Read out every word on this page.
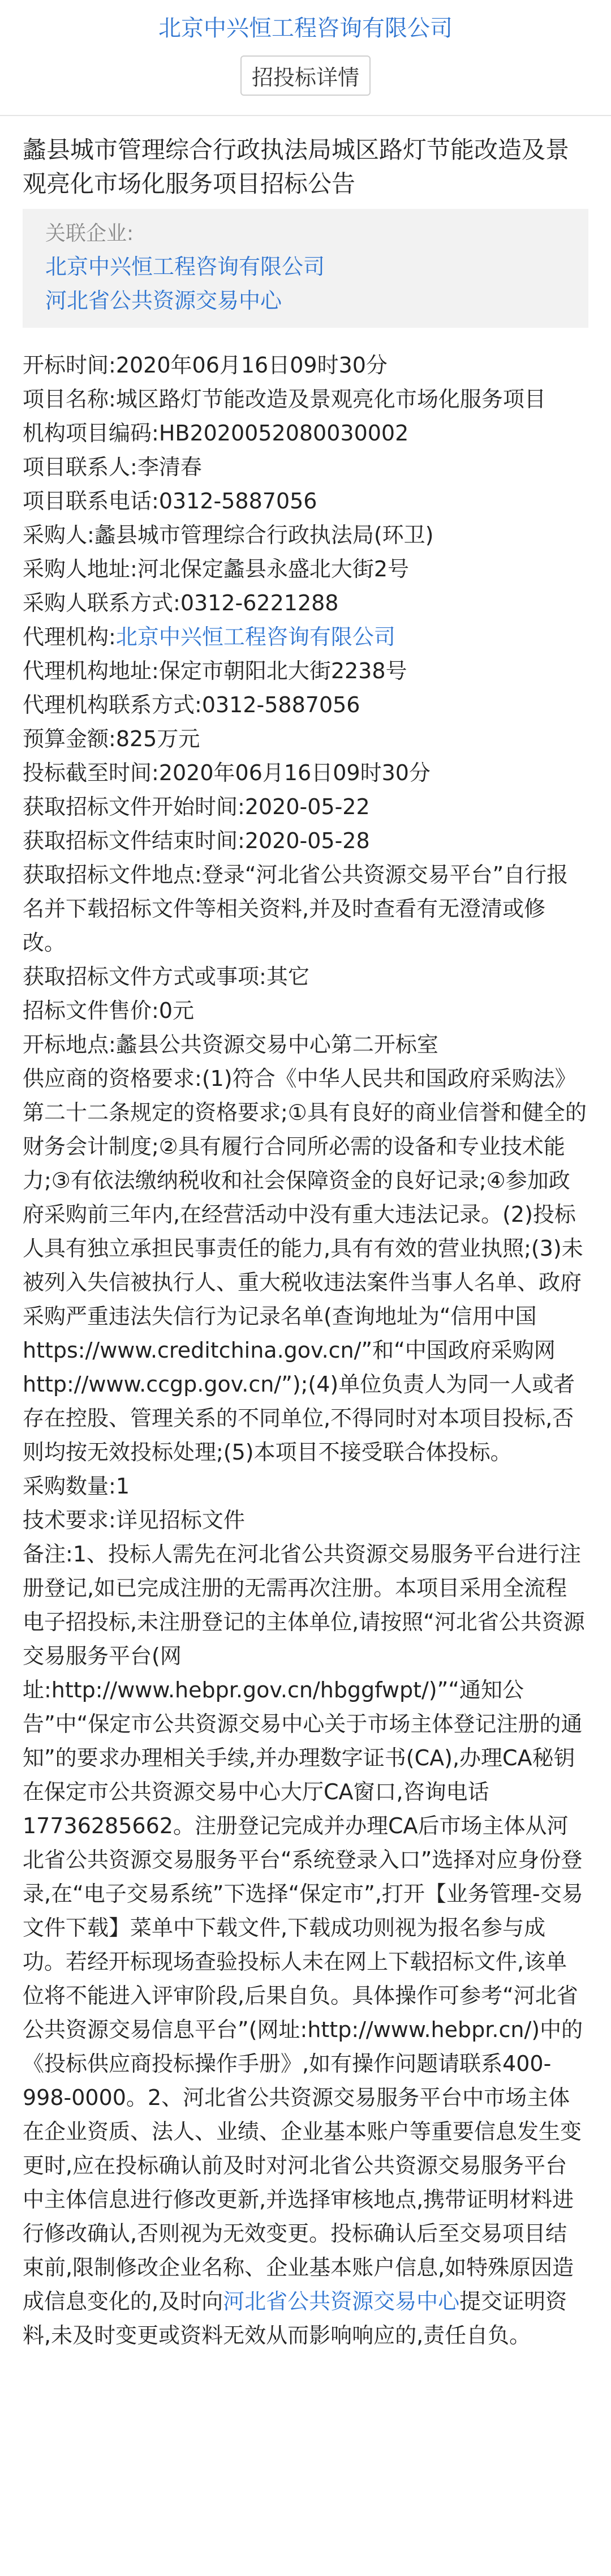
北京中兴恒工程咨询有限公司
招投标详情
蠡县城市管理综合行政执法局城区路灯节能改造及景观亮化市场化服务项目招标公告
关联企业:
北京中兴恒工程咨询有限公司
河北省公共资源交易中心
开标时间:2020年06月16日09时30分
项目名称:城区路灯节能改造及景观亮化市场化服务项目
机构项目编码:HB2020052080030002
项目联系人:李清春
项目联系电话:0312-5887056
采购人:蠡县城市管理综合行政执法局(环卫)
采购人地址:河北保定蠡县永盛北大街2号
采购人联系方式:0312-6221288
代理机构:北京中兴恒工程咨询有限公司
代理机构地址:保定市朝阳北大街2238号
代理机构联系方式:0312-5887056
预算金额:825万元
投标截至时间:2020年06月16日09时30分
获取招标文件开始时间:2020-05-22
获取招标文件结束时间:2020-05-28
获取招标文件地点:登录“河北省公共资源交易平台”自行报名并下载招标文件等相关资料,并及时查看有无澄清或修改。
获取招标文件方式或事项:其它
招标文件售价:0元
开标地点:蠡县公共资源交易中心第二开标室
供应商的资格要求:(1)符合《中华人民共和国政府采购法》第二十二条规定的资格要求;①具有良好的商业信誉和健全的财务会计制度;②具有履行合同所必需的设备和专业技术能力;③有依法缴纳税收和社会保障资金的良好记录;④参加政府采购前三年内,在经营活动中没有重大违法记录。(2)投标人具有独立承担民事责任的能力,具有有效的营业执照;(3)未被列入失信被执行人、重大税收违法案件当事人名单、政府采购严重违法失信行为记录名单(查询地址为“信用中国https://www.creditchina.gov.cn/”和“中国政府采购网http://www.ccgp.gov.cn/”);(4)单位负责人为同一人或者存在控股、管理关系的不同单位,不得同时对本项目投标,否则均按无效投标处理;(5)本项目不接受联合体投标。
采购数量:1
技术要求:详见招标文件
备注:1、投标人需先在河北省公共资源交易服务平台进行注册登记,如已完成注册的无需再次注册。本项目采用全流程电子招投标,未注册登记的主体单位,请按照“河北省公共资源交易服务平台(网址:http://www.hebpr.gov.cn/hbggfwpt/)”“通知公告”中“保定市公共资源交易中心关于市场主体登记注册的通知”的要求办理相关手续,并办理数字证书(CA),办理CA秘钥在保定市公共资源交易中心大厅CA窗口,咨询电话17736285662。注册登记完成并办理CA后市场主体从河北省公共资源交易服务平台“系统登录入口”选择对应身份登录,在“电子交易系统”下选择“保定市”,打开【业务管理-交易文件下载】菜单中下载文件,下载成功则视为报名参与成功。若经开标现场查验投标人未在网上下载招标文件,该单位将不能进入评审阶段,后果自负。具体操作可参考“河北省公共资源交易信息平台”(网址:http://www.hebpr.cn/)中的《投标供应商投标操作手册》,如有操作问题请联系400-998-0000。2、河北省公共资源交易服务平台中市场主体在企业资质、法人、业绩、企业基本账户等重要信息发生变更时,应在投标确认前及时对河北省公共资源交易服务平台中主体信息进行修改更新,并选择审核地点,携带证明材料进行修改确认,否则视为无效变更。投标确认后至交易项目结束前,限制修改企业名称、企业基本账户信息,如特殊原因造成信息变化的,及时向河北省公共资源交易中心提交证明资料,未及时变更或资料无效从而影响响应的,责任自负。
